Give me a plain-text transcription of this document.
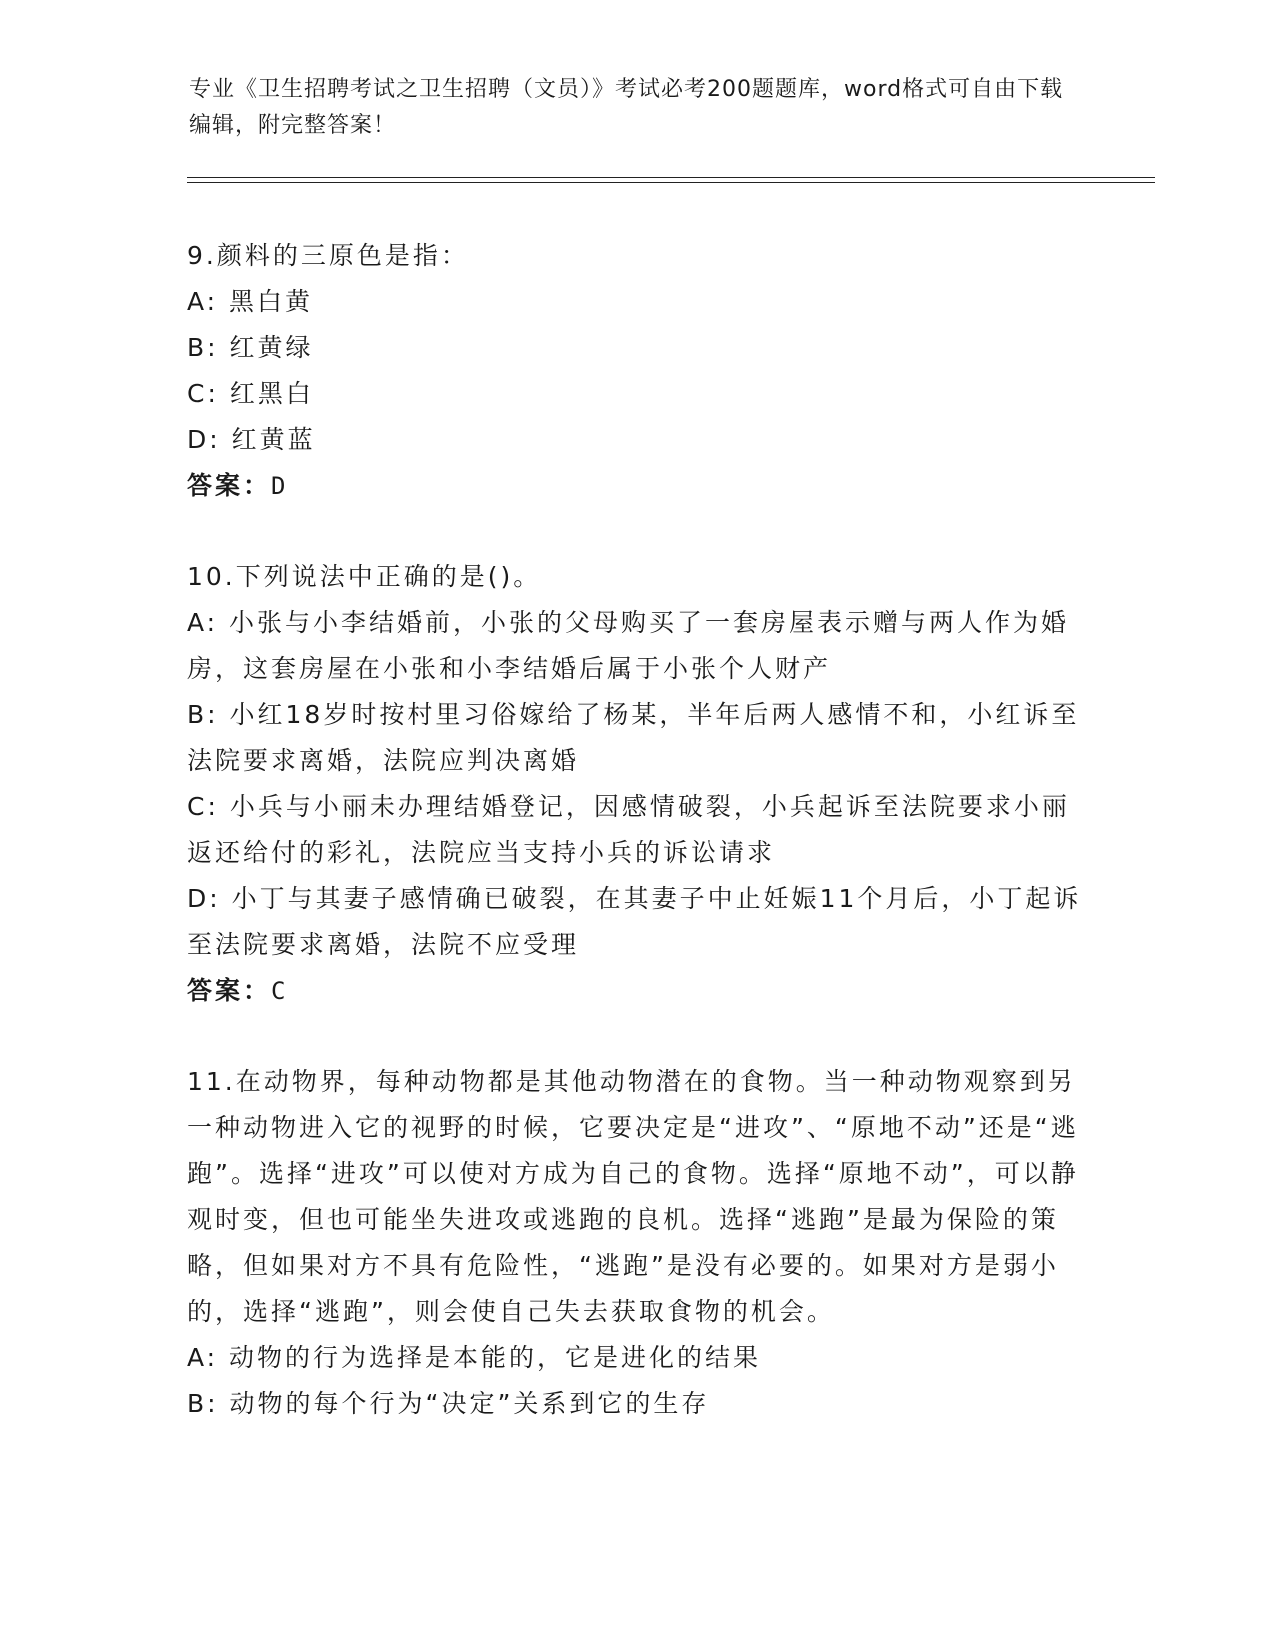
专业《卫生招聘考试之卫生招聘（文员）》考试必考200题题库，word格式可自由下载编辑，附完整答案！

9.颜料的三原色是指：

A: 黑白黄

B: 红黄绿

C: 红黑白

D: 红黄蓝

答案：D

10.下列说法中正确的是()。

A: 小张与小李结婚前，小张的父母购买了一套房屋表示赠与两人作为婚房，这套房屋在小张和小李结婚后属于小张个人财产

B: 小红18岁时按村里习俗嫁给了杨某，半年后两人感情不和，小红诉至法院要求离婚，法院应判决离婚

C: 小兵与小丽未办理结婚登记，因感情破裂，小兵起诉至法院要求小丽返还给付的彩礼，法院应当支持小兵的诉讼请求

D: 小丁与其妻子感情确已破裂，在其妻子中止妊娠11个月后，小丁起诉至法院要求离婚，法院不应受理

答案：C

11.在动物界，每种动物都是其他动物潜在的食物。当一种动物观察到另一种动物进入它的视野的时候，它要决定是“进攻”、“原地不动”还是“逃跑”。选择“进攻”可以使对方成为自己的食物。选择“原地不动”，可以静观时变，但也可能坐失进攻或逃跑的良机。选择“逃跑”是最为保险的策略，但如果对方不具有危险性，“逃跑”是没有必要的。如果对方是弱小的，选择“逃跑”，则会使自己失去获取食物的机会。

A: 动物的行为选择是本能的，它是进化的结果

B: 动物的每个行为“决定”关系到它的生存
